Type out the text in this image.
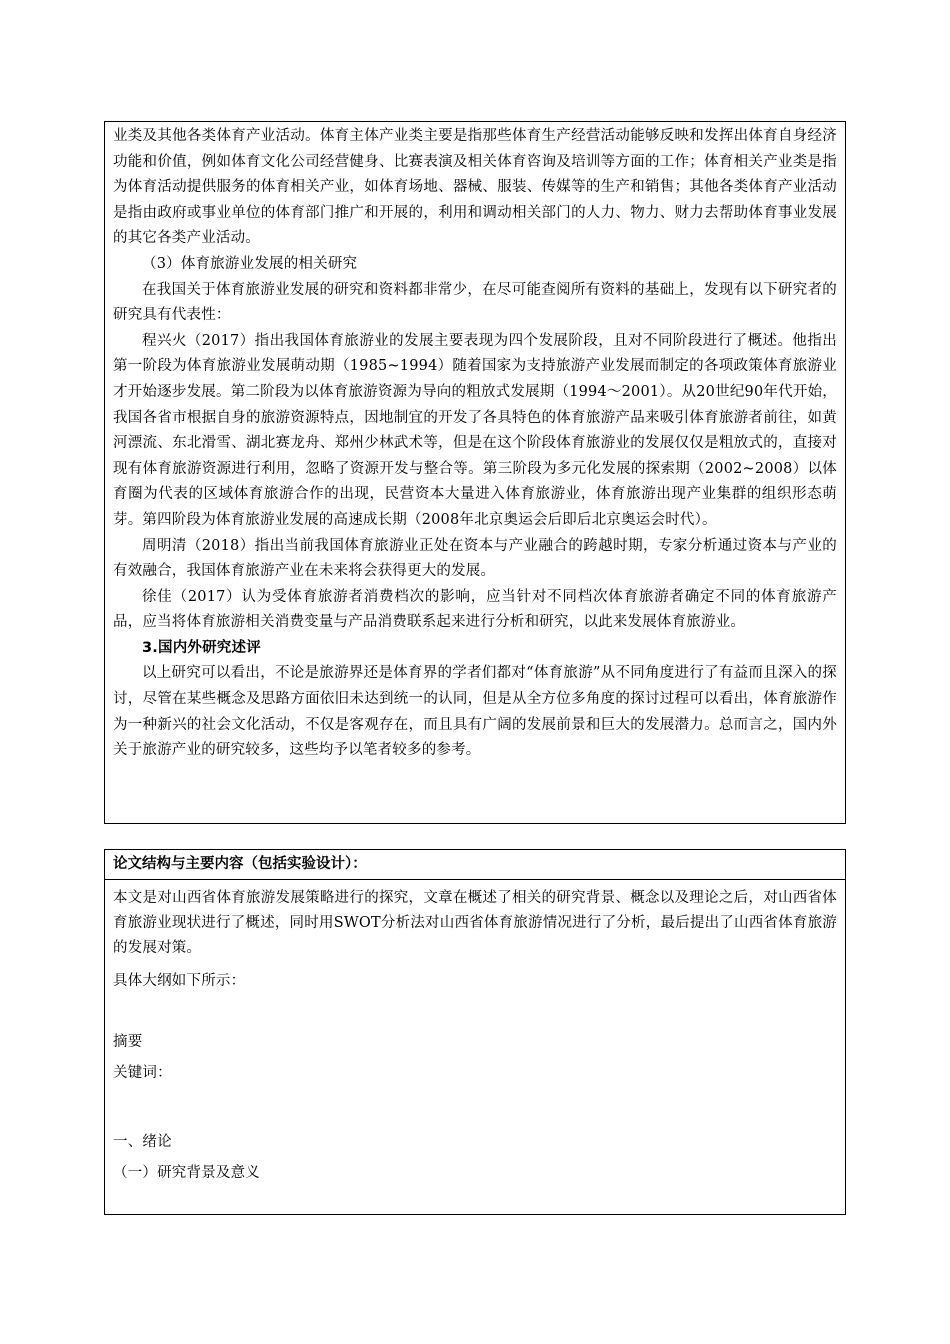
业类及其他各类体育产业活动。体育主体产业类主要是指那些体育生产经营活动能够反映和发挥出体育自身经济功能和价值，例如体育文化公司经营健身、比赛表演及相关体育咨询及培训等方面的工作；体育相关产业类是指为体育活动提供服务的体育相关产业，如体育场地、器械、服装、传媒等的生产和销售；其他各类体育产业活动是指由政府或事业单位的体育部门推广和开展的，利用和调动相关部门的人力、物力、财力去帮助体育事业发展的其它各类产业活动。

（3）体育旅游业发展的相关研究

在我国关于体育旅游业发展的研究和资料都非常少，在尽可能查阅所有资料的基础上，发现有以下研究者的研究具有代表性：

程兴火（2017）指出我国体育旅游业的发展主要表现为四个发展阶段，且对不同阶段进行了概述。他指出第一阶段为体育旅游业发展萌动期（1985~1994）随着国家为支持旅游产业发展而制定的各项政策体育旅游业才开始逐步发展。第二阶段为以体育旅游资源为导向的粗放式发展期（1994～2001）。从20世纪90年代开始，我国各省市根据自身的旅游资源特点，因地制宜的开发了各具特色的体育旅游产品来吸引体育旅游者前往，如黄河漂流、东北滑雪、湖北赛龙舟、郑州少林武术等，但是在这个阶段体育旅游业的发展仅仅是粗放式的，直接对现有体育旅游资源进行利用，忽略了资源开发与整合等。第三阶段为多元化发展的探索期（2002~2008）以体育圈为代表的区域体育旅游合作的出现，民营资本大量进入体育旅游业，体育旅游出现产业集群的组织形态萌芽。第四阶段为体育旅游业发展的高速成长期（2008年北京奥运会后即后北京奥运会时代）。

周明清（2018）指出当前我国体育旅游业正处在资本与产业融合的跨越时期，专家分析通过资本与产业的有效融合，我国体育旅游产业在未来将会获得更大的发展。

徐佳（2017）认为受体育旅游者消费档次的影响，应当针对不同档次体育旅游者确定不同的体育旅游产品，应当将体育旅游相关消费变量与产品消费联系起来进行分析和研究，以此来发展体育旅游业。

3.国内外研究述评

以上研究可以看出，不论是旅游界还是体育界的学者们都对“体育旅游”从不同角度进行了有益而且深入的探讨，尽管在某些概念及思路方面依旧未达到统一的认同，但是从全方位多角度的探讨过程可以看出，体育旅游作为一种新兴的社会文化活动，不仅是客观存在，而且具有广阔的发展前景和巨大的发展潜力。总而言之，国内外关于旅游产业的研究较多，这些均予以笔者较多的参考。

论文结构与主要内容（包括实验设计）：

本文是对山西省体育旅游发展策略进行的探究，文章在概述了相关的研究背景、概念以及理论之后，对山西省体育旅游业现状进行了概述，同时用SWOT分析法对山西省体育旅游情况进行了分析，最后提出了山西省体育旅游的发展对策。

具体大纲如下所示：

摘要

关键词：

一、绪论

（一）研究背景及意义
